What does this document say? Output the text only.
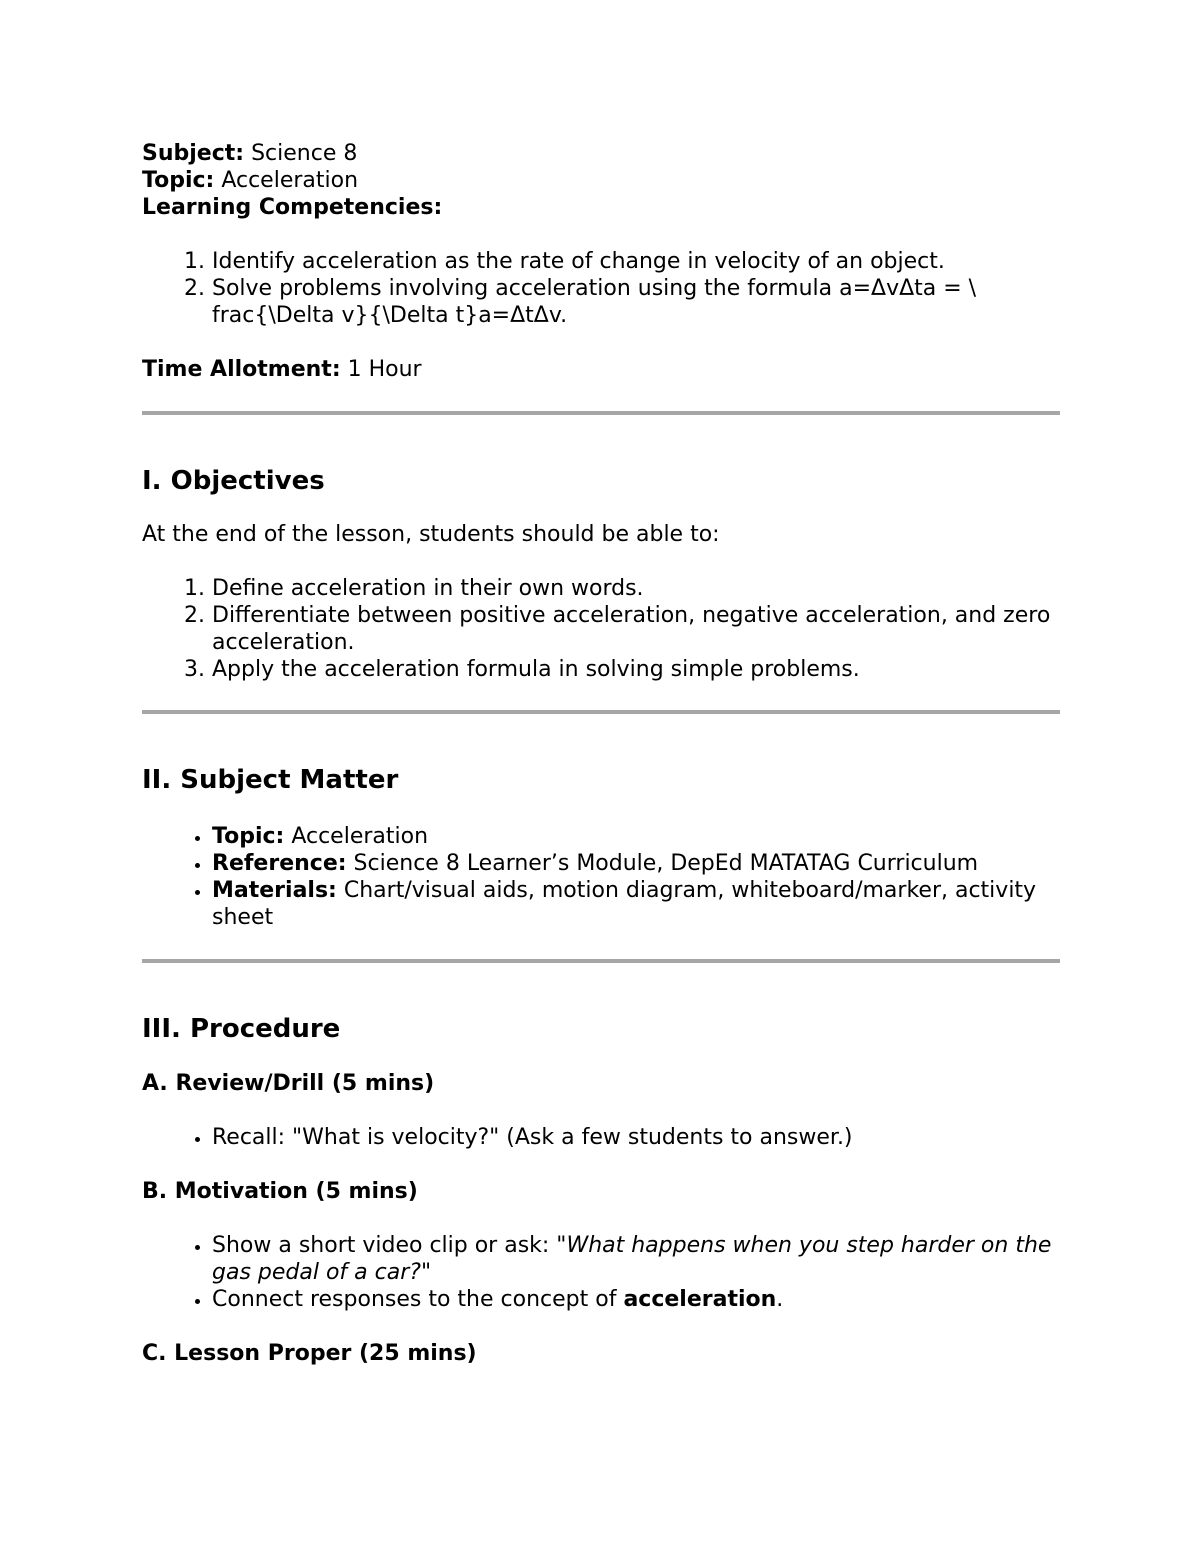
Subject: Science 8

Topic: Acceleration

Learning Competencies:

1. Identify acceleration as the rate of change in velocity of an object.
2. Solve problems involving acceleration using the formula a=ΔvΔta = \ frac{\Delta v}{\Delta t}a=ΔtΔv.

Time Allotment: 1 Hour

I. Objectives

At the end of the lesson, students should be able to:

1. Define acceleration in their own words.
2. Differentiate between positive acceleration, negative acceleration, and zero acceleration.
3. Apply the acceleration formula in solving simple problems.
II. Subject Matter
• Topic: Acceleration
• Reference: Science 8 Learner’s Module, DepEd MATATAG Curriculum
• Materials: Chart/visual aids, motion diagram, whiteboard/marker, activity sheet
III. Procedure
A. Review/Drill (5 mins)
• Recall: "What is velocity?" (Ask a few students to answer.)
B. Motivation (5 mins)
• Show a short video clip or ask: "What happens when you step harder on the gas pedal of a car?"
• Connect responses to the concept of acceleration.
C. Lesson Proper (25 mins)
